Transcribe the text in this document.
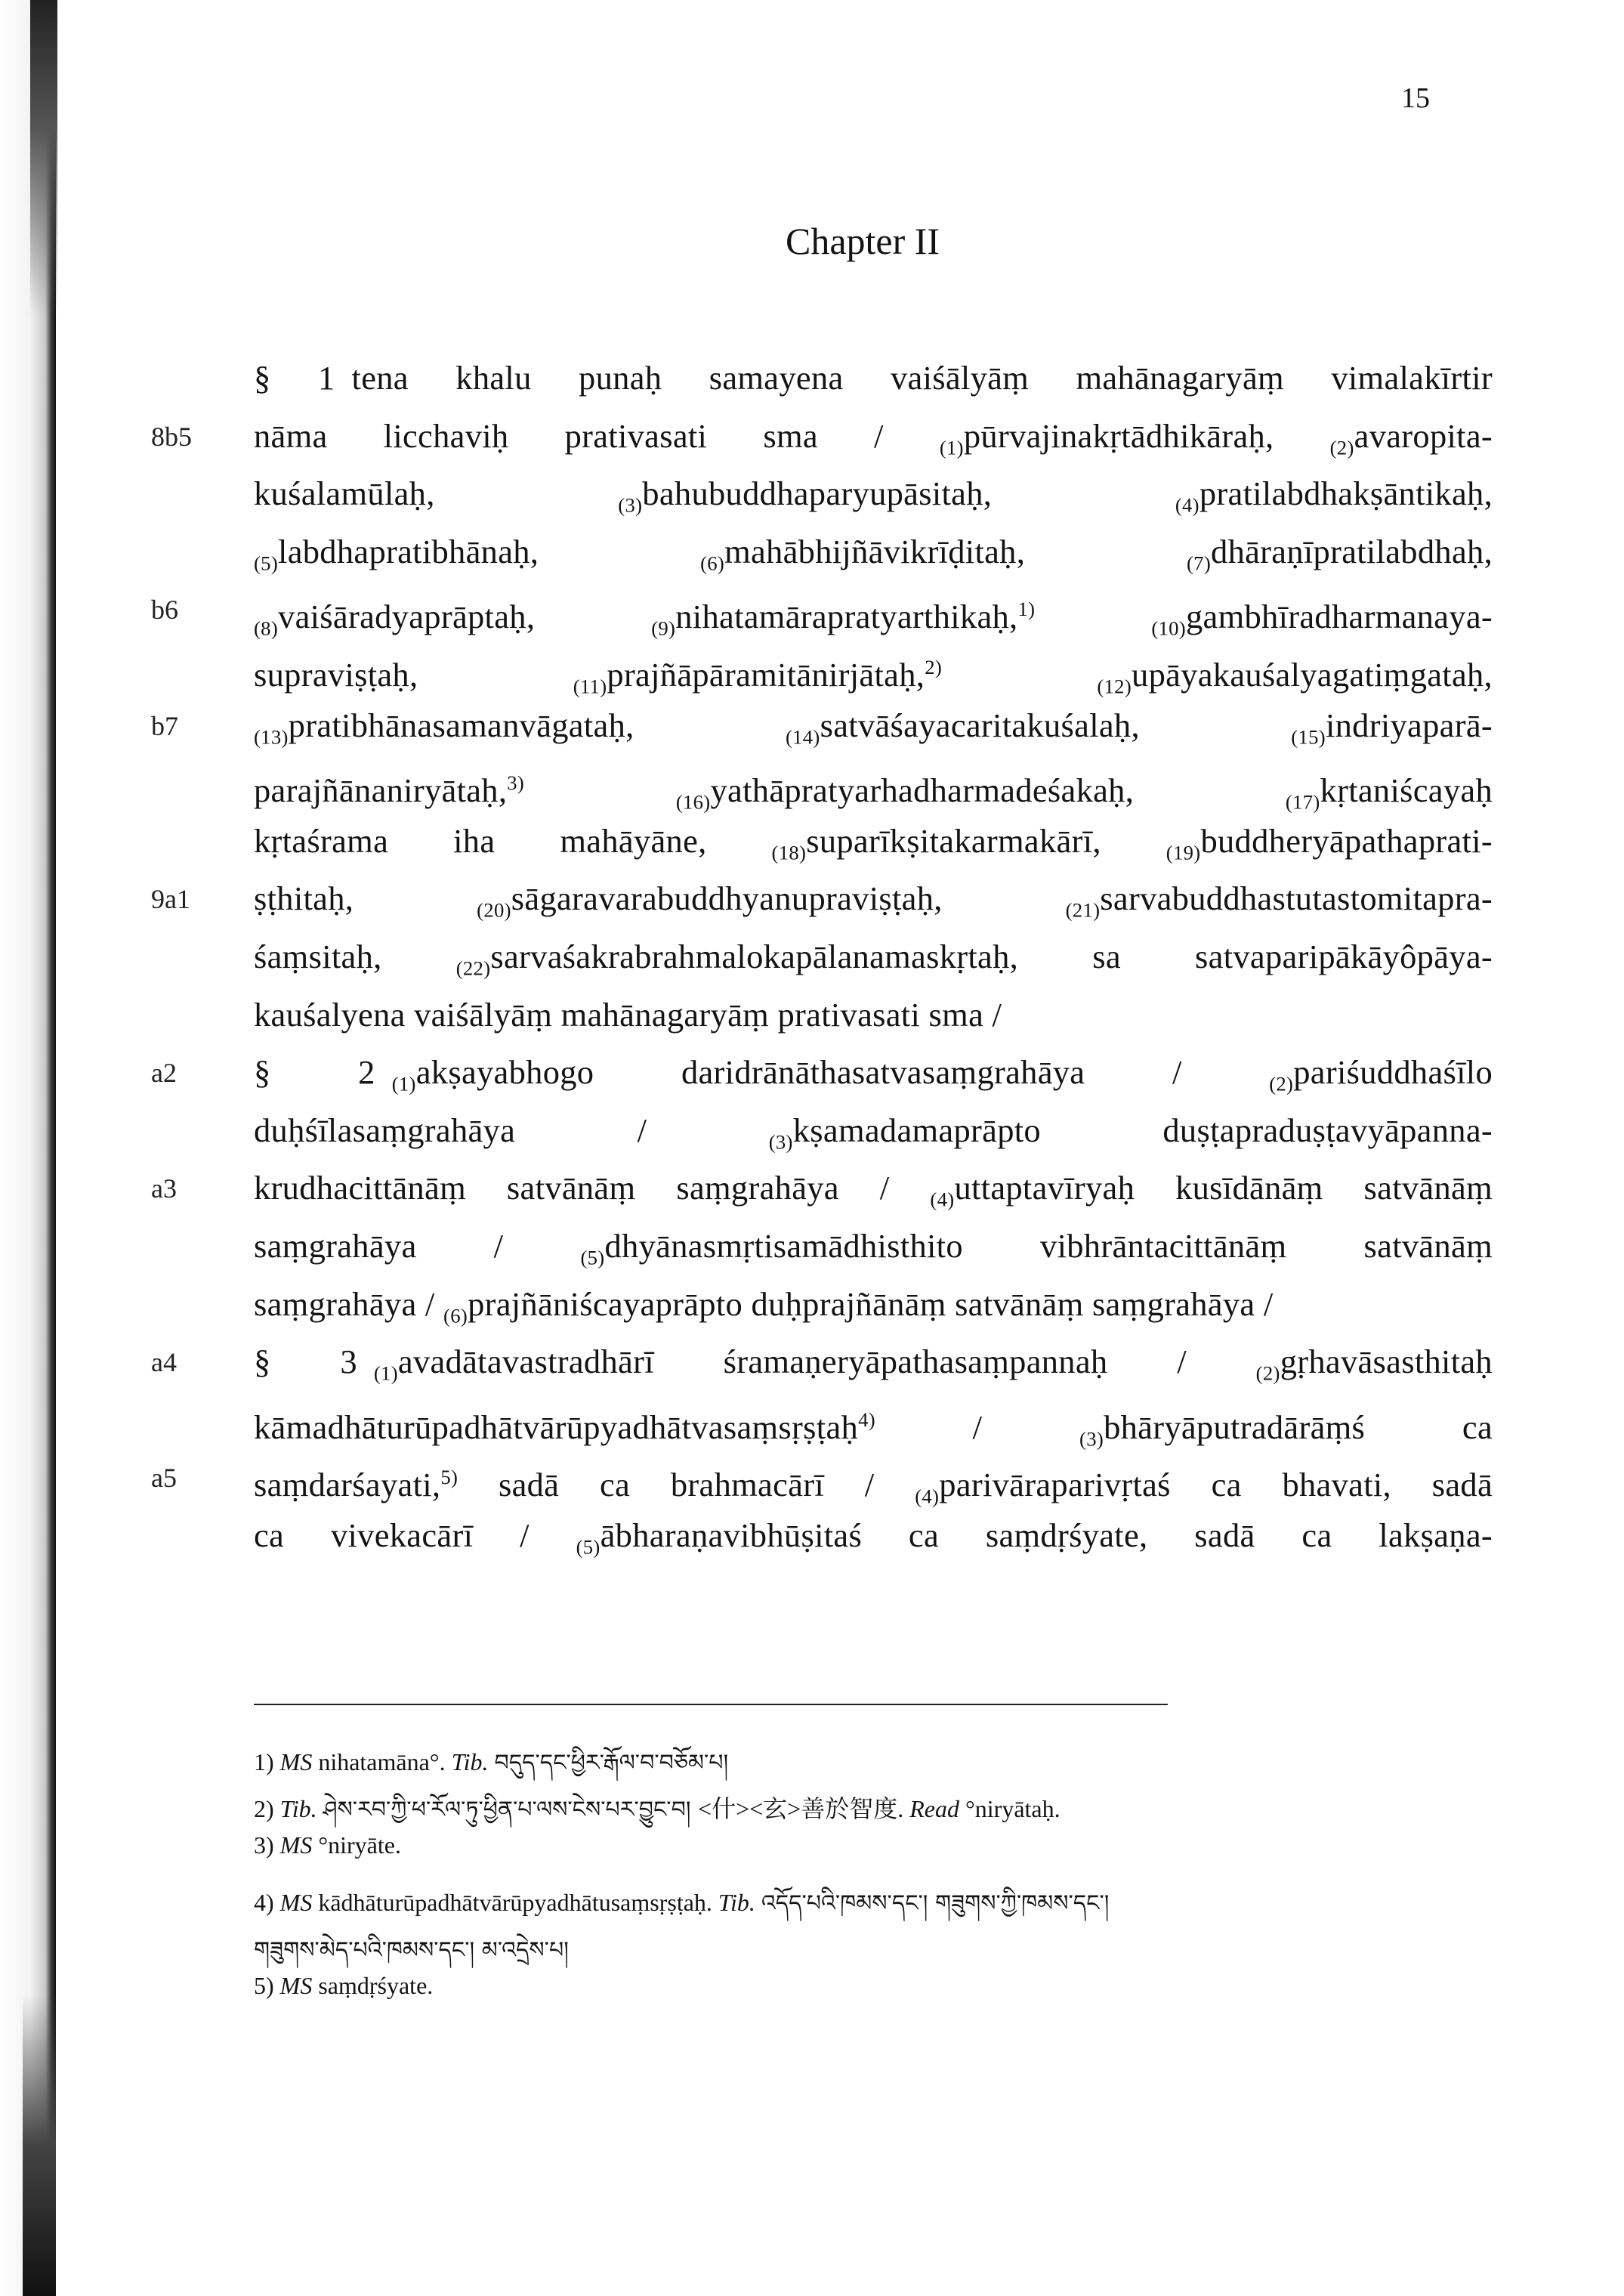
15
Chapter II
8b5
b6
b7
9a1
a2
a3
a4
a5
§ 1 tena khalu punaḥ samayena vaiśālyāṃ mahānagaryāṃ vimalakīrtir
nāma licchaviḥ prativasati sma / $_{(1)}$pūrvajinakṛtādhikāraḥ, $_{(2)}$avaropita-
kuśalamūlaḥ, $_{(3)}$bahubuddhaparyupāsitaḥ, $_{(4)}$pratilabdhakṣāntikaḥ,
$_{(5)}$labdhapratibhānaḥ, $_{(6)}$mahābhijñāvikrīḍitaḥ, $_{(7)}$dhāraṇīpratilabdhaḥ,
$_{(8)}$vaiśāradyaprāptaḥ, $_{(9)}$nihatamārapratyarthikaḥ,$^{1)}$ $_{(10)}$gambhīradharmanaya-
supraviṣṭaḥ, $_{(11)}$prajñāpāramitānirjātaḥ,$^{2)}$ $_{(12)}$upāyakauśalyagatiṃgataḥ,
$_{(13)}$pratibhānasamanvāgataḥ, $_{(14)}$satvāśayacaritakuśalaḥ, $_{(15)}$indriyaparā-
parajñānaniryātaḥ,$^{3)}$ $_{(16)}$yathāpratyarhadharmadeśakaḥ, $_{(17)}$kṛtaniścayaḥ
kṛtaśrama iha mahāyāne, $_{(18)}$suparīkṣitakarmakārī, $_{(19)}$buddheryāpathaprati-
ṣṭhitaḥ, $_{(20)}$sāgaravarabuddhyanupraviṣṭaḥ, $_{(21)}$sarvabuddhastutastomitapra-
śaṃsitaḥ, $_{(22)}$sarvaśakrabrahmalokapālanamaskṛtaḥ, sa satvaparipākāyôpāya-
kauśalyena vaiśālyāṃ mahānagaryāṃ prativasati sma /
§ 2 $_{(1)}$akṣayabhogo daridrānāthasatvasaṃgrahāya / $_{(2)}$pariśuddhaśīlo
duḥśīlasaṃgrahāya / $_{(3)}$kṣamadamaprāpto duṣṭapraduṣṭavyāpanna-
krudhacittānāṃ satvānāṃ saṃgrahāya / $_{(4)}$uttaptavīryaḥ kusīdānāṃ satvānāṃ
saṃgrahāya / $_{(5)}$dhyānasmṛtisamādhisthito vibhrāntacittānāṃ satvānāṃ
saṃgrahāya / $_{(6)}$prajñāniścayaprāpto duḥprajñānāṃ satvānāṃ saṃgrahāya /
§ 3 $_{(1)}$avadātavastradhārī śramaṇeryāpathasaṃpannaḥ / $_{(2)}$gṛhavāsasthitaḥ
kāmadhāturūpadhātvārūpyadhātvasaṃsṛṣṭaḥ$^{4)}$ / $_{(3)}$bhāryāputradārāṃś ca
saṃdarśayati,$^{5)}$ sadā ca brahmacārī / $_{(4)}$parivāraparivṛtaś ca bhavati, sadā
ca vivekacārī / $_{(5)}$ābharaṇavibhūṣitaś ca saṃdṛśyate, sadā ca lakṣaṇa-
1) MS nihatamāna°. Tib. བདུད་དང་ཕྱིར་རྒོལ་བ་བཅོམ་པ།
2) Tib. ཤེས་རབ་ཀྱི་ཕ་རོལ་ཏུ་ཕྱིན་པ་ལས་ངེས་པར་བྱུང་བ། <什><玄>善於智度. Read °niryātaḥ.
3) MS °niryāte.
4) MS kādhāturūpadhātvārūpyadhātusaṃsṛṣṭaḥ. Tib. འདོད་པའི་ཁམས་དང་། གཟུགས་ཀྱི་ཁམས་དང་།
གཟུགས་མེད་པའི་ཁམས་དང་། མ་འདྲེས་པ།
5) MS saṃdṛśyate.
